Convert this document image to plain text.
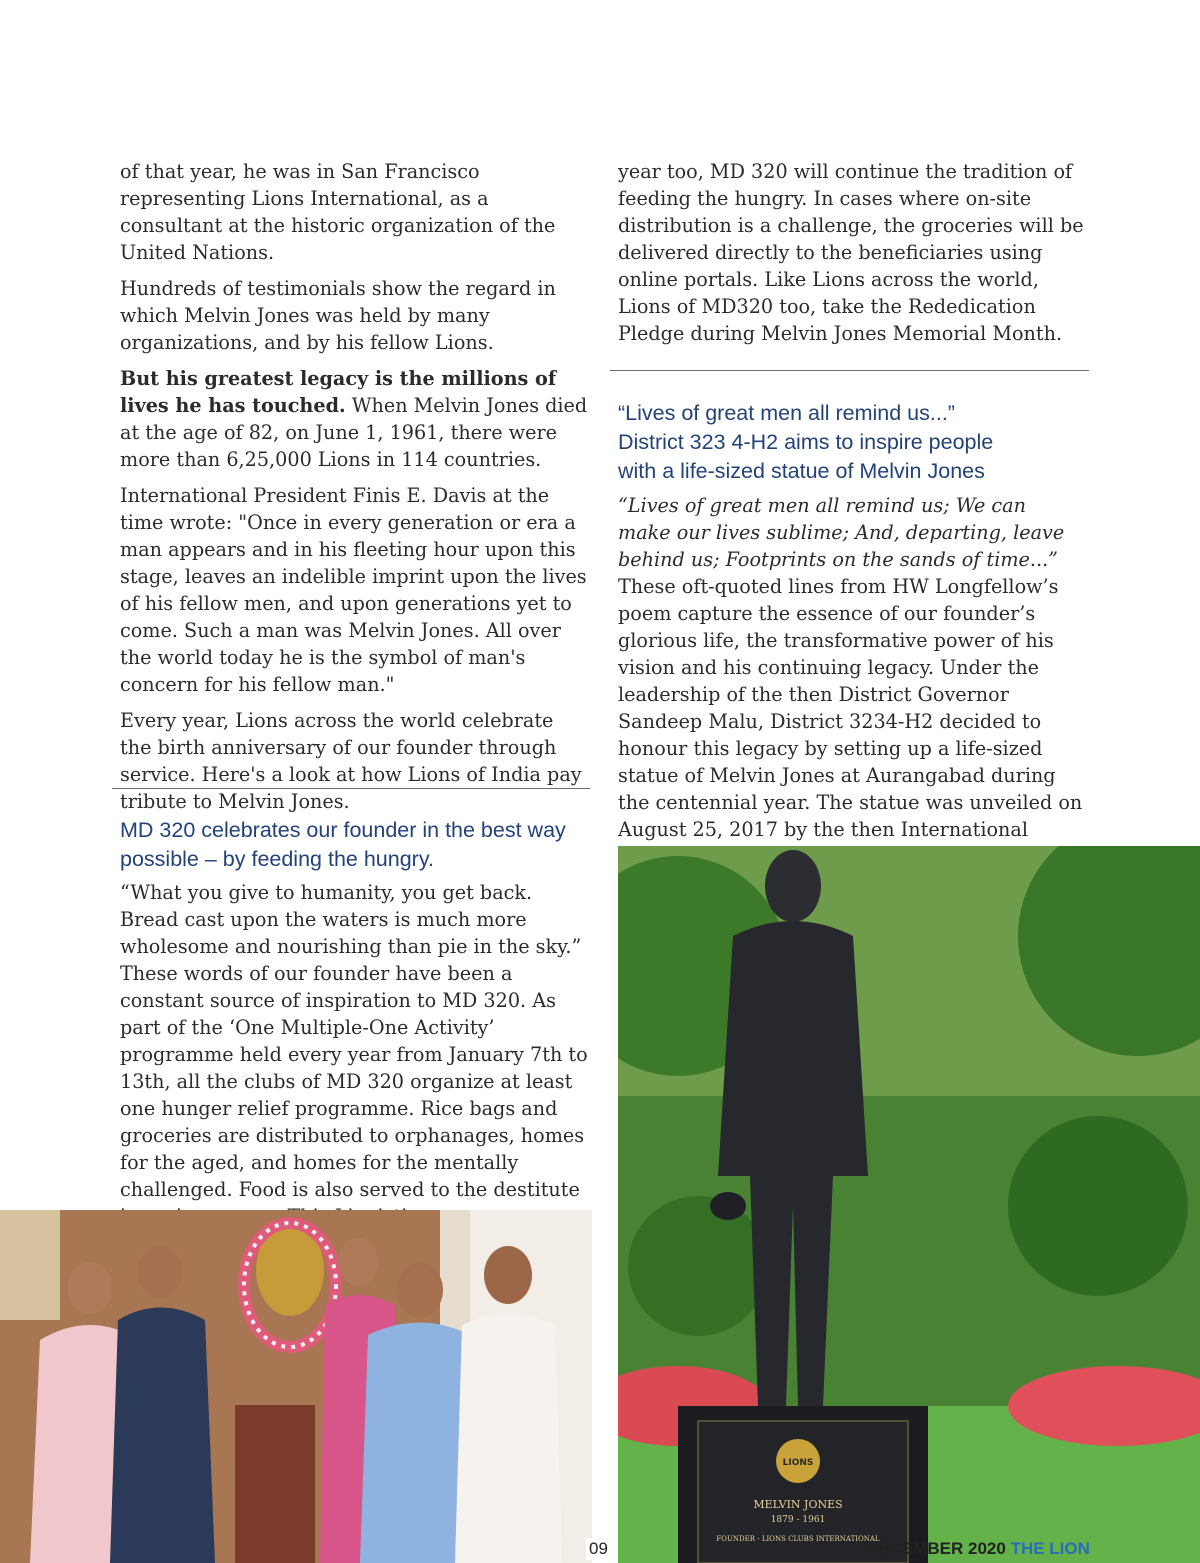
of that year, he was in San Francisco representing Lions International, as a consultant at the historic organization of the United Nations.

Hundreds of testimonials show the regard in which Melvin Jones was held by many organizations, and by his fellow Lions.

But his greatest legacy is the millions of lives he has touched. When Melvin Jones died at the age of 82, on June 1, 1961, there were more than 6,25,000 Lions in 114 countries.

International President Finis E. Davis at the time wrote: "Once in every generation or era a man appears and in his fleeting hour upon this stage, leaves an indelible imprint upon the lives of his fellow men, and upon generations yet to come. Such a man was Melvin Jones. All over the world today he is the symbol of man's concern for his fellow man."

Every year, Lions across the world celebrate the birth anniversary of our founder through service. Here's a look at how Lions of India pay tribute to Melvin Jones.

MD 320 celebrates our founder in the best way possible – by feeding the hungry.

“What you give to humanity, you get back. Bread cast upon the waters is much more wholesome and nourishing than pie in the sky.” These words of our founder have been a constant source of inspiration to MD 320. As part of the ‘One Multiple-One Activity’ programme held every year from January 7th to 13th, all the clubs of MD 320 organize at least one hunger relief programme. Rice bags and groceries are distributed to orphanages, homes for the aged, and homes for the mentally challenged. Food is also served to the destitute

year too, MD 320 will continue the tradition of feeding the hungry. In cases where on-site distribution is a challenge, the groceries will be delivered directly to the beneficiaries using online portals. Like Lions across the world, Lions of MD320 too, take the Rededication Pledge during Melvin Jones Memorial Month.

“Lives of great men all remind us...”
District 323 4-H2 aims to inspire people
with a life-sized statue of Melvin Jones

“Lives of great men all remind us; We can make our lives sublime; And, departing, leave behind us; Footprints on the sands of time...” These oft-quoted lines from HW Longfellow’s poem capture the essence of our founder’s glorious life, the transformative power of his vision and his continuing legacy. Under the leadership of the then District Governor Sandeep Malu, District 3234-H2 decided to honour this legacy by setting up a life-sized statue of Melvin Jones at Aurangabad during the centennial year. The statue was unveiled on August 25, 2017 by the then International

LIONS
MELVIN JONES
1879 - 1961
FOUNDER - LIONS CLUBS INTERNATIONAL
09	DECEMBER 2020 THE LION
